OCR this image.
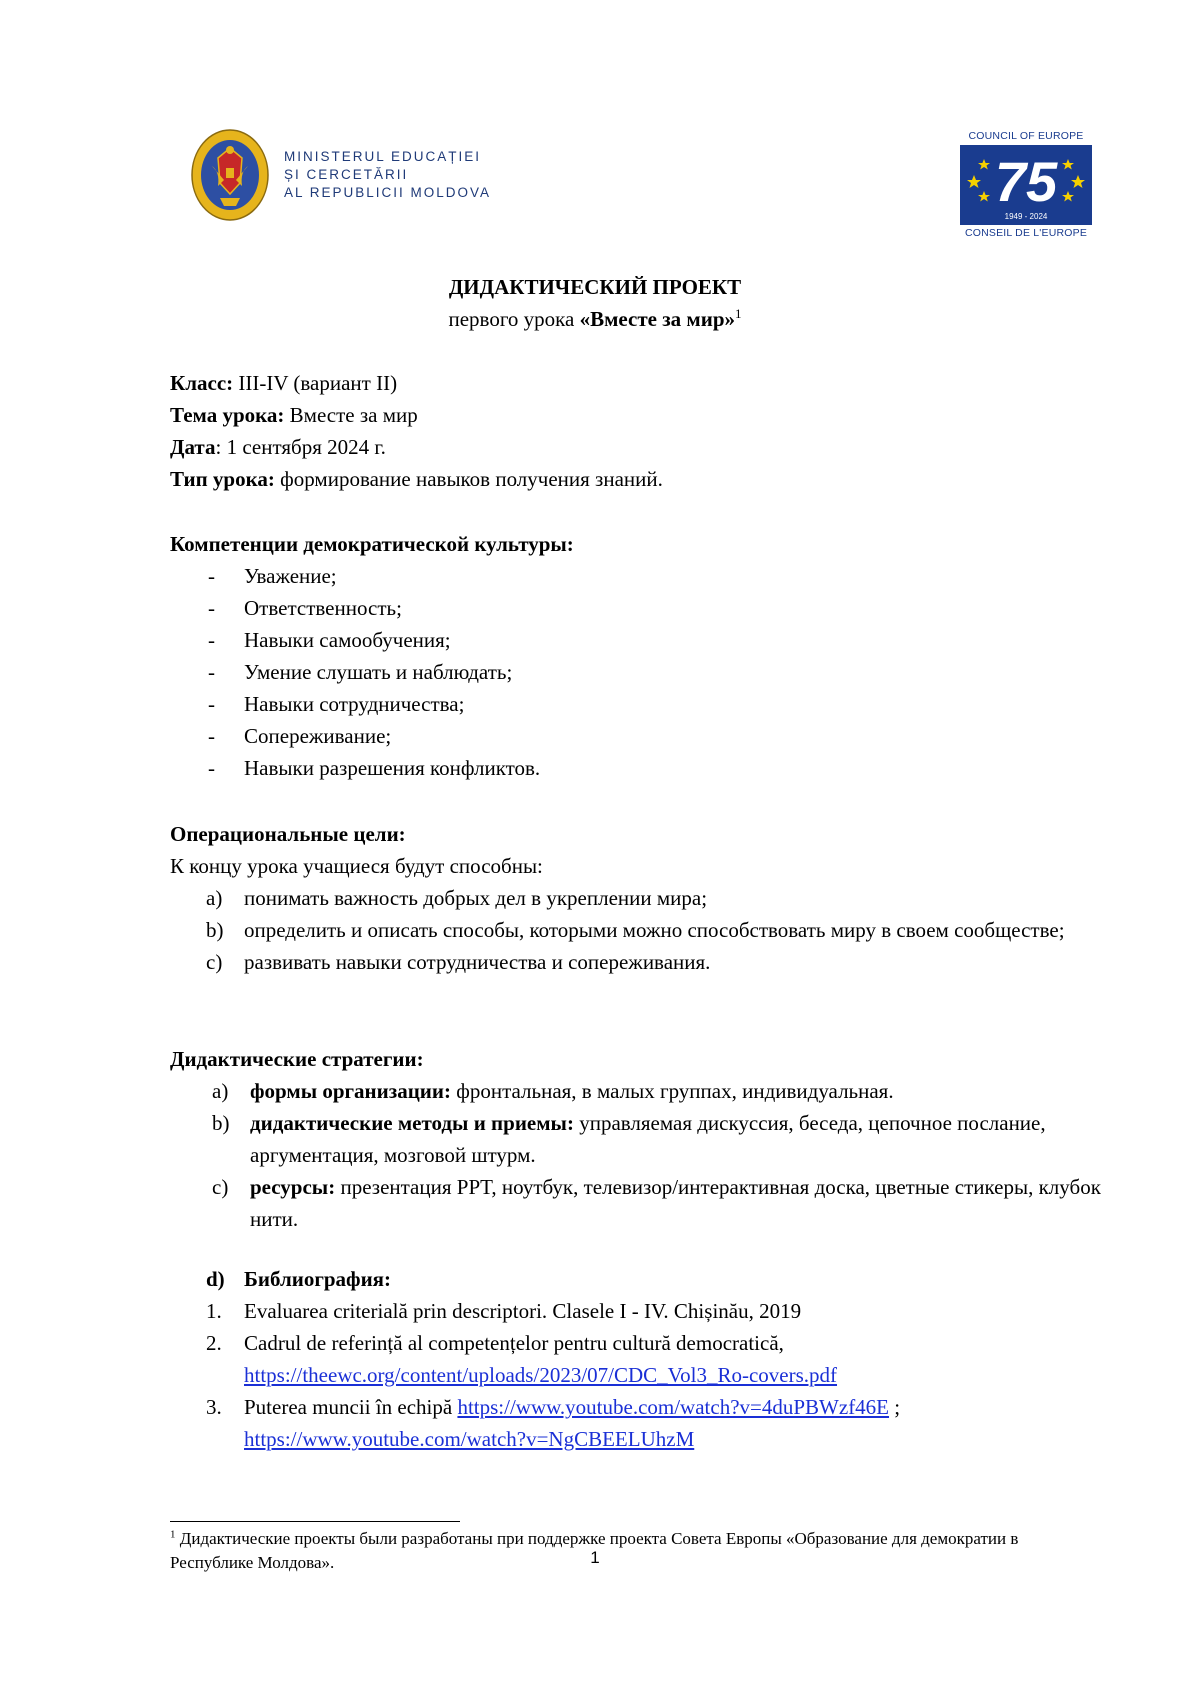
MINISTERUL EDUCAȚIEI
ȘI CERCETĂRII
AL REPUBLICII MOLDOVA
COUNCIL OF EUROPE
75
1949 - 2024
CONSEIL DE L'EUROPE
ДИДАКТИЧЕСКИЙ ПРОЕКТ
первого урока «Вместе за мир»$^1$
Класс: III-IV (вариант II)
Тема урока: Вместе за мир
Дата: 1 сентября 2024 г.
Тип урока: формирование навыков получения знаний.
Компетенции демократической культуры:
- Уважение;
- Ответственность;
- Навыки самообучения;
- Умение слушать и наблюдать;
- Навыки сотрудничества;
- Сопереживание;
- Навыки разрешения конфликтов.
Операциональные цели:
К концу урока учащиеся будут способны:
a) понимать важность добрых дел в укреплении мира;
b) определить и описать способы, которыми можно способствовать миру в своем сообществе;
c) развивать навыки сотрудничества и сопереживания.
Дидактические стратегии:
a) формы организации: фронтальная, в малых группах, индивидуальная.
b) дидактические методы и приемы: управляемая дискуссия, беседа, цепочное послание, аргументация, мозговой штурм.
c) ресурсы: презентация PPT, ноутбук, телевизор/интерактивная доска, цветные стикеры, клубок нити.
d) Библиография:
1. Evaluarea criterială prin descriptori. Clasele I - IV. Chișinău, 2019
2. Cadrul de referință al competențelor pentru cultură democratică,
https://theewc.org/content/uploads/2023/07/CDC_Vol3_Ro-covers.pdf
3. Puterea muncii în echipă https://www.youtube.com/watch?v=4duPBWzf46E ;
https://www.youtube.com/watch?v=NgCBEELUhzM
$^1$ Дидактические проекты были разработаны при поддержке проекта Совета Европы «Образование для демократии в Республике Молдова».	1
